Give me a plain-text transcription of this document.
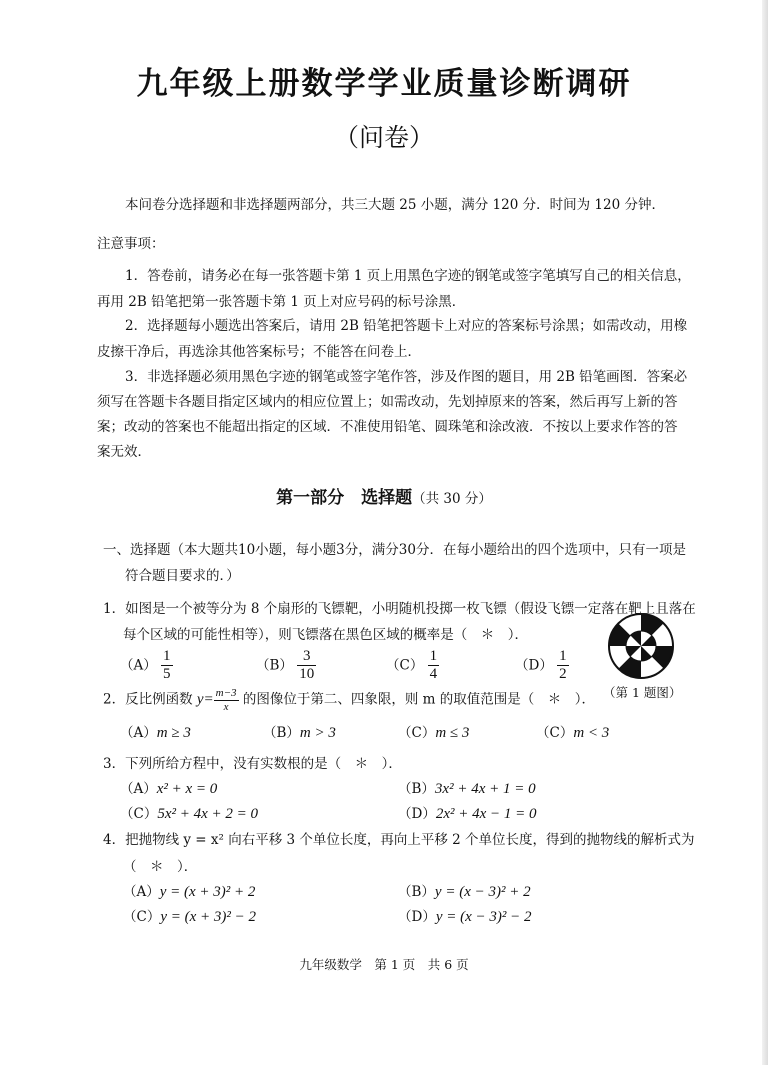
九年级上册数学学业质量诊断调研
（问卷）
本问卷分选择题和非选择题两部分，共三大题 25 小题，满分 120 分．时间为 120 分钟．
注意事项：
1．答卷前，请务必在每一张答题卡第 1 页上用黑色字迹的钢笔或签字笔填写自己的相关信息，
再用 2B 铅笔把第一张答题卡第 1 页上对应号码的标号涂黑．
2．选择题每小题选出答案后，请用 2B 铅笔把答题卡上对应的答案标号涂黑；如需改动，用橡
皮擦干净后，再选涂其他答案标号；不能答在问卷上．
3．非选择题必须用黑色字迹的钢笔或签字笔作答，涉及作图的题目，用 2B 铅笔画图．答案必
须写在答题卡各题目指定区域内的相应位置上；如需改动，先划掉原来的答案，然后再写上新的答
案；改动的答案也不能超出指定的区域．不准使用铅笔、圆珠笔和涂改液．不按以上要求作答的答
案无效．
第一部分　选择题（共 30 分）
一、选择题（本大题共10小题，每小题3分，满分30分．在每小题给出的四个选项中，只有一项是
符合题目要求的．）
1．如图是一个被等分为 8 个扇形的飞镖靶，小明随机投掷一枚飞镖（假设飞镖一定落在靶上且落在
每个区域的可能性相等），则飞镖落在黑色区域的概率是（　＊　）．
$(A) \frac{1}{5}$	$(B) \frac{3}{10}$	$(C) \frac{1}{4}$	$(D) \frac{1}{2}$
（第 1 题图）
2．反比例函数 $y= \frac{m-3}{x}$ 的图像位于第二、四象限，则 m 的取值范围是（　＊　）．
（A）m ≥ 3	（B）m > 3	（C）m ≤ 3	（C）m < 3
3．下列所给方程中，没有实数根的是（　＊　）．
（A）x² + x = 0	（B）3x² + 4x + 1 = 0
（C）5x² + 4x + 2 = 0	（D）2x² + 4x − 1 = 0
4．把抛物线 y = x² 向右平移 3 个单位长度，再向上平移 2 个单位长度，得到的抛物线的解析式为
（　＊　）．
（A）y = (x + 3)² + 2	（B）y = (x − 3)² + 2
（C）y = (x + 3)² − 2	（D）y = (x − 3)² − 2
九年级数学　第 1 页　共 6 页
